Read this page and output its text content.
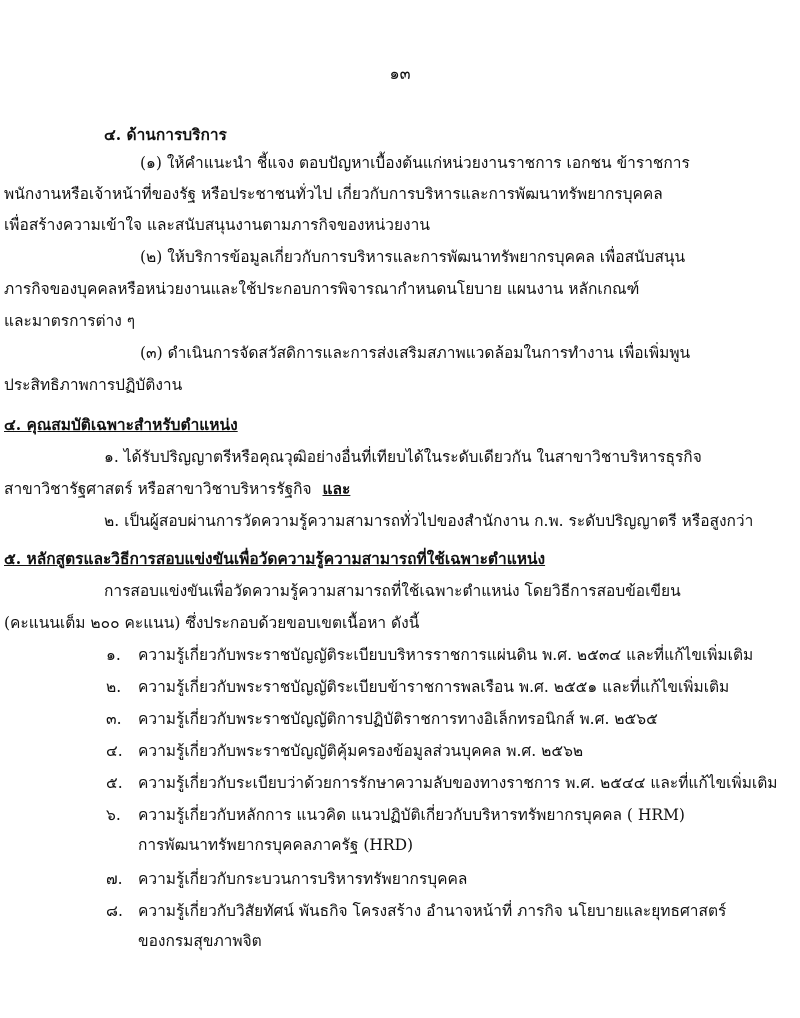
๑๓
๔. ด้านการบริการ
(๑) ให้คำแนะนำ ชี้แจง ตอบปัญหาเบื้องต้นแก่หน่วยงานราชการ เอกชน ข้าราชการ
พนักงานหรือเจ้าหน้าที่ของรัฐ หรือประชาชนทั่วไป เกี่ยวกับการบริหารและการพัฒนาทรัพยากรบุคคล
เพื่อสร้างความเข้าใจ และสนับสนุนงานตามภารกิจของหน่วยงาน
(๒) ให้บริการข้อมูลเกี่ยวกับการบริหารและการพัฒนาทรัพยากรบุคคล เพื่อสนับสนุน
ภารกิจของบุคคลหรือหน่วยงานและใช้ประกอบการพิจารณากำหนดนโยบาย แผนงาน หลักเกณฑ์
และมาตรการต่าง ๆ
(๓) ดำเนินการจัดสวัสดิการและการส่งเสริมสภาพแวดล้อมในการทำงาน เพื่อเพิ่มพูน
ประสิทธิภาพการปฏิบัติงาน
๔. คุณสมบัติเฉพาะสำหรับตำแหน่ง
๑. ได้รับปริญญาตรีหรือคุณวุฒิอย่างอื่นที่เทียบได้ในระดับเดียวกัน ในสาขาวิชาบริหารธุรกิจ
สาขาวิชารัฐศาสตร์ หรือสาขาวิชาบริหารรัฐกิจ และ
๒. เป็นผู้สอบผ่านการวัดความรู้ความสามารถทั่วไปของสำนักงาน ก.พ. ระดับปริญญาตรี หรือสูงกว่า
๕. หลักสูตรและวิธีการสอบแข่งขันเพื่อวัดความรู้ความสามารถที่ใช้เฉพาะตำแหน่ง
การสอบแข่งขันเพื่อวัดความรู้ความสามารถที่ใช้เฉพาะตำแหน่ง โดยวิธีการสอบข้อเขียน
(คะแนนเต็ม ๒๐๐ คะแนน) ซึ่งประกอบด้วยขอบเขตเนื้อหา ดังนี้
๑. ความรู้เกี่ยวกับพระราชบัญญัติระเบียบบริหารราชการแผ่นดิน พ.ศ. ๒๕๓๔ และที่แก้ไขเพิ่มเติม
๒. ความรู้เกี่ยวกับพระราชบัญญัติระเบียบข้าราชการพลเรือน พ.ศ. ๒๕๕๑ และที่แก้ไขเพิ่มเติม
๓. ความรู้เกี่ยวกับพระราชบัญญัติการปฏิบัติราชการทางอิเล็กทรอนิกส์ พ.ศ. ๒๕๖๕
๔. ความรู้เกี่ยวกับพระราชบัญญัติคุ้มครองข้อมูลส่วนบุคคล พ.ศ. ๒๕๖๒
๕. ความรู้เกี่ยวกับระเบียบว่าด้วยการรักษาความลับของทางราชการ พ.ศ. ๒๕๔๔ และที่แก้ไขเพิ่มเติม
๖. ความรู้เกี่ยวกับหลักการ แนวคิด แนวปฏิบัติเกี่ยวกับบริหารทรัพยากรบุคคล ( HRM)
การพัฒนาทรัพยากรบุคคลภาครัฐ (HRD)
๗. ความรู้เกี่ยวกับกระบวนการบริหารทรัพยากรบุคคล
๘. ความรู้เกี่ยวกับวิสัยทัศน์ พันธกิจ โครงสร้าง อำนาจหน้าที่ ภารกิจ นโยบายและยุทธศาสตร์
ของกรมสุขภาพจิต
